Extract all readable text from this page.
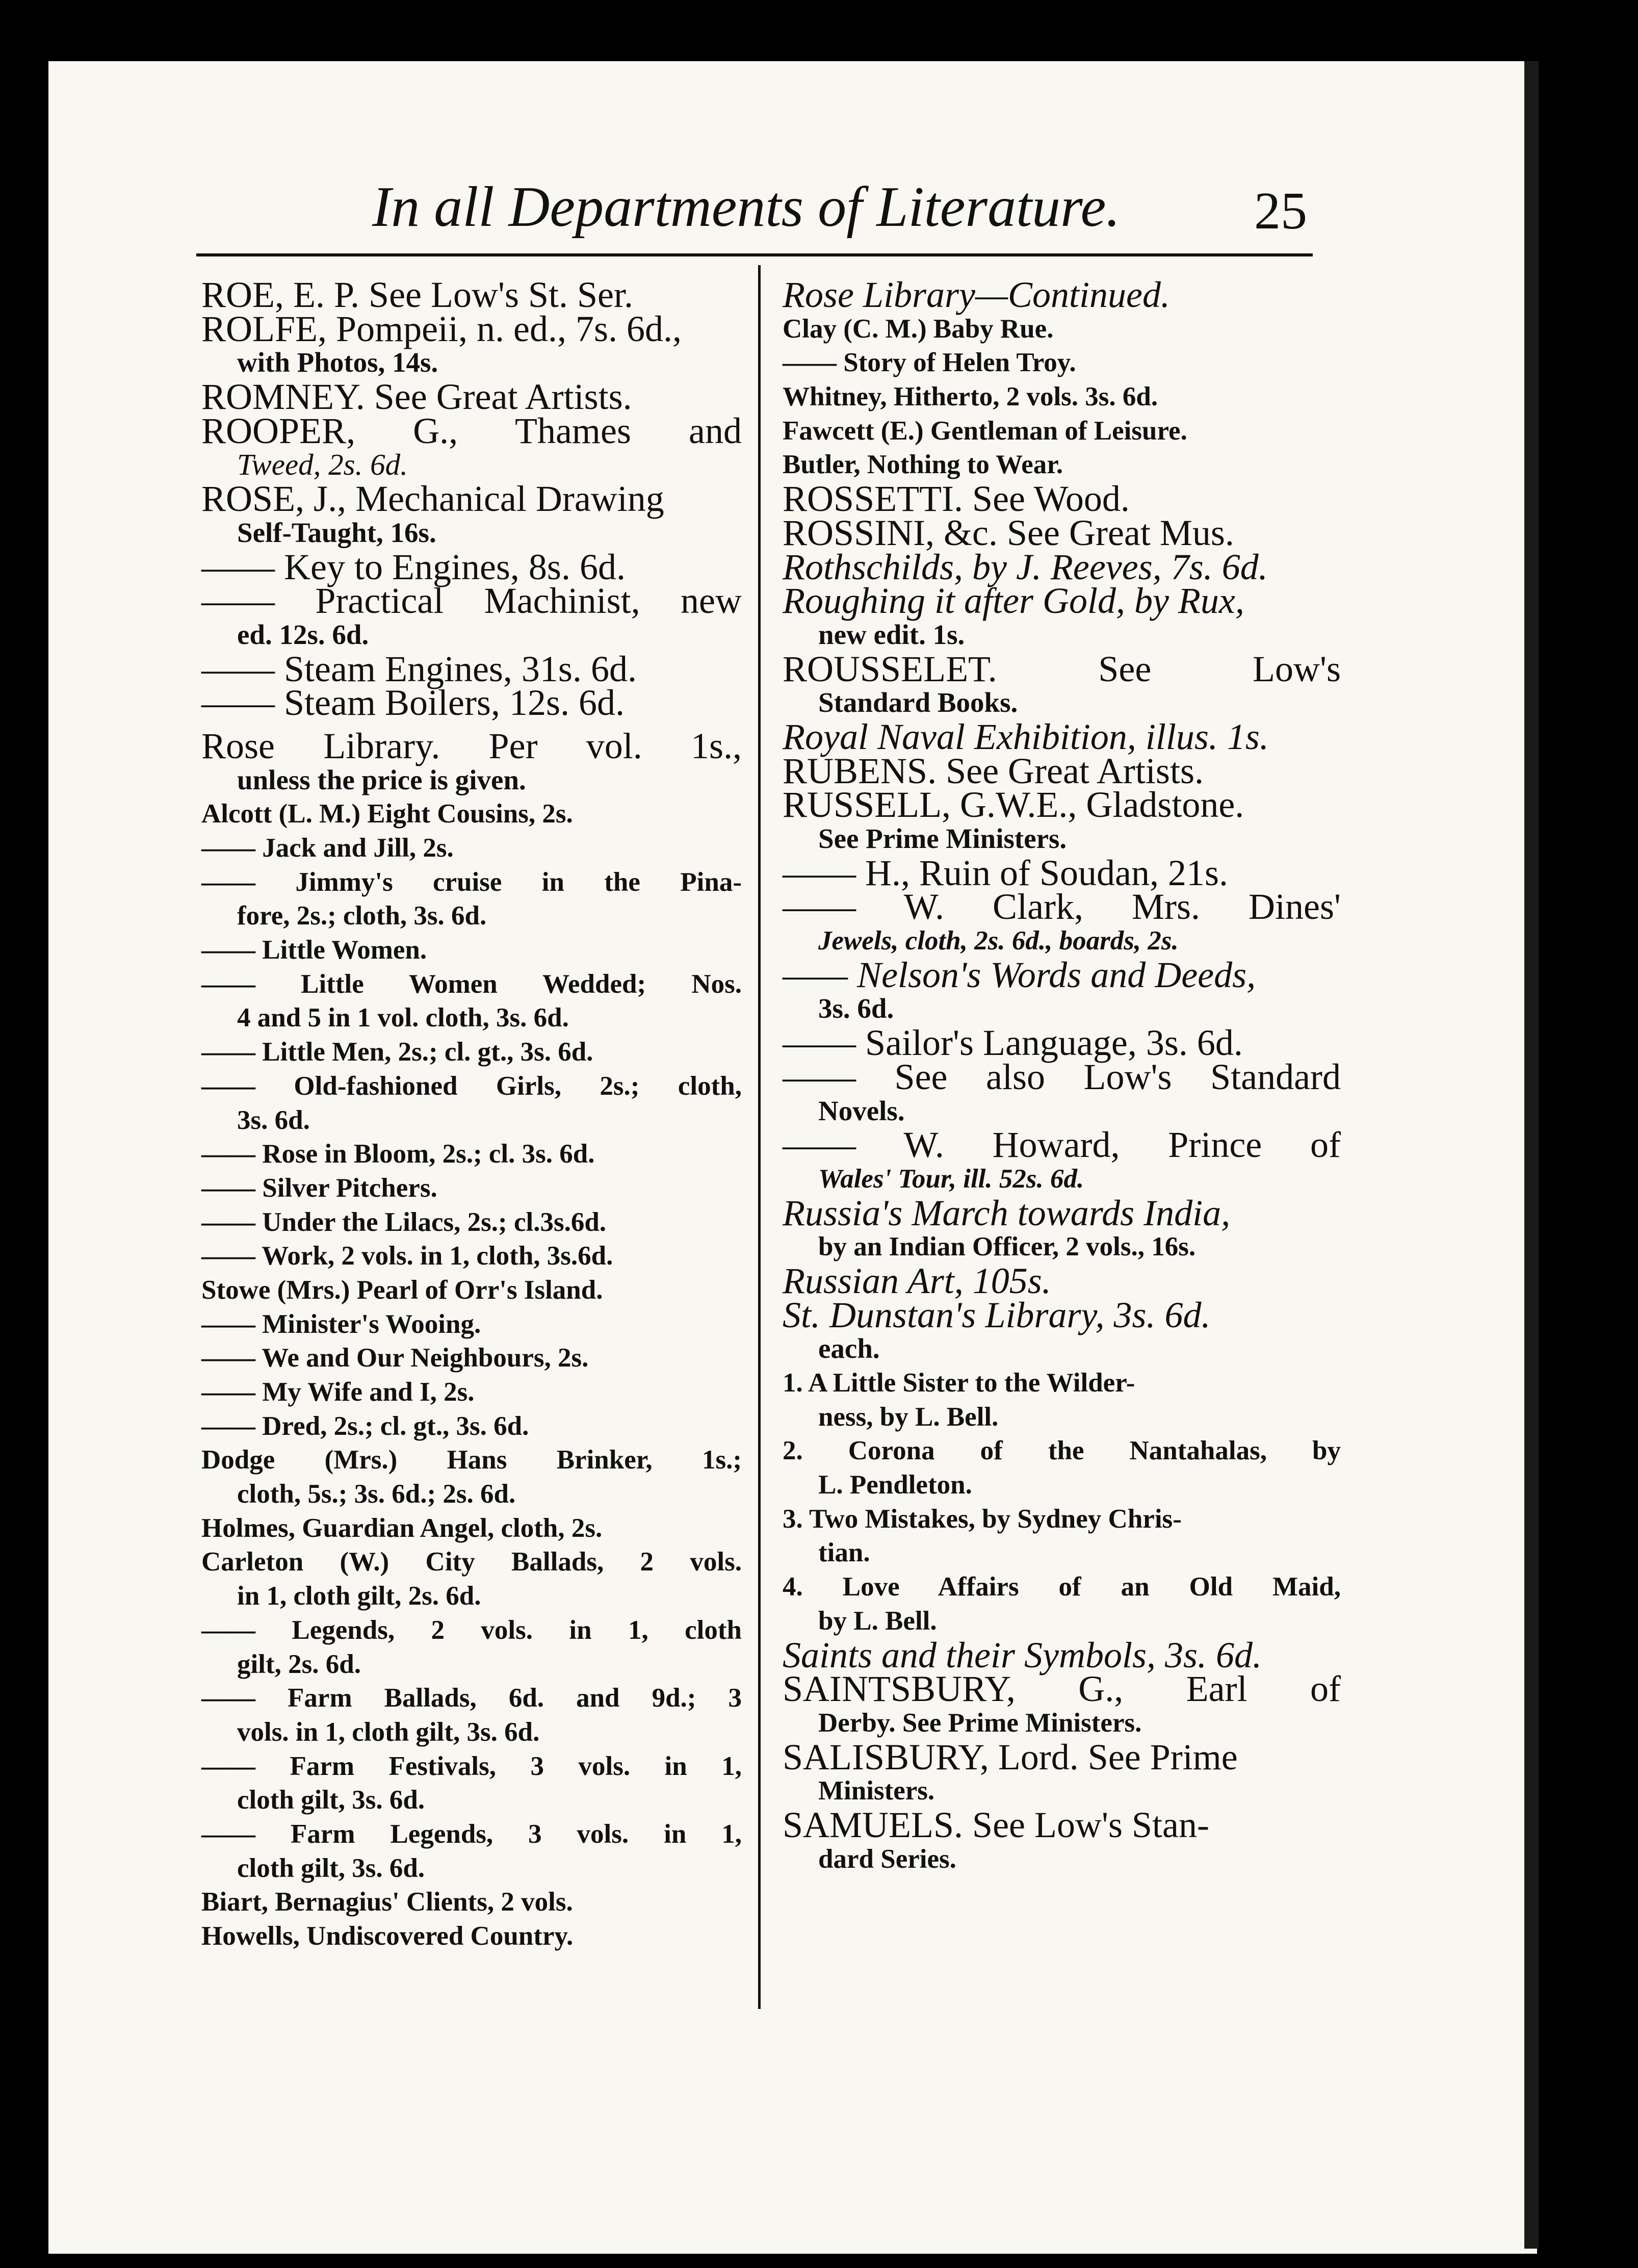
In all Departments of Literature.	25
ROE, E. P. See Low's St. Ser.
ROLFE, Pompeii, n. ed., 7s. 6d.,
with Photos, 14s.
ROMNEY. See Great Artists.
ROOPER, G., Thames and
Tweed, 2s. 6d.
ROSE, J., Mechanical Drawing
Self-Taught, 16s.
—— Key to Engines, 8s. 6d.
—— Practical Machinist, new
ed. 12s. 6d.
—— Steam Engines, 31s. 6d.
—— Steam Boilers, 12s. 6d.
Rose Library. Per vol. 1s.,
unless the price is given.
Alcott (L. M.) Eight Cousins, 2s.
—— Jack and Jill, 2s.
—— Jimmy's cruise in the Pina-
fore, 2s.; cloth, 3s. 6d.
—— Little Women.
—— Little Women Wedded; Nos.
4 and 5 in 1 vol. cloth, 3s. 6d.
—— Little Men, 2s.; cl. gt., 3s. 6d.
—— Old-fashioned Girls, 2s.; cloth,
3s. 6d.
—— Rose in Bloom, 2s.; cl. 3s. 6d.
—— Silver Pitchers.
—— Under the Lilacs, 2s.; cl.3s.6d.
—— Work, 2 vols. in 1, cloth, 3s.6d.
Stowe (Mrs.) Pearl of Orr's Island.
—— Minister's Wooing.
—— We and Our Neighbours, 2s.
—— My Wife and I, 2s.
—— Dred, 2s.; cl. gt., 3s. 6d.
Dodge (Mrs.) Hans Brinker, 1s.;
cloth, 5s.; 3s. 6d.; 2s. 6d.
Holmes, Guardian Angel, cloth, 2s.
Carleton (W.) City Ballads, 2 vols.
in 1, cloth gilt, 2s. 6d.
—— Legends, 2 vols. in 1, cloth
gilt, 2s. 6d.
—— Farm Ballads, 6d. and 9d.; 3
vols. in 1, cloth gilt, 3s. 6d.
—— Farm Festivals, 3 vols. in 1,
cloth gilt, 3s. 6d.
—— Farm Legends, 3 vols. in 1,
cloth gilt, 3s. 6d.
Biart, Bernagius' Clients, 2 vols.
Howells, Undiscovered Country.
Rose Library—Continued.
Clay (C. M.) Baby Rue.
—— Story of Helen Troy.
Whitney, Hitherto, 2 vols. 3s. 6d.
Fawcett (E.) Gentleman of Leisure.
Butler, Nothing to Wear.
ROSSETTI. See Wood.
ROSSINI, &c. See Great Mus.
Rothschilds, by J. Reeves, 7s. 6d.
Roughing it after Gold, by Rux,
new edit. 1s.
ROUSSELET. See Low's
Standard Books.
Royal Naval Exhibition, illus. 1s.
RUBENS. See Great Artists.
RUSSELL, G.W.E., Gladstone.
See Prime Ministers.
—— H., Ruin of Soudan, 21s.
—— W. Clark, Mrs. Dines'
Jewels, cloth, 2s. 6d., boards, 2s.
—— Nelson's Words and Deeds,
3s. 6d.
—— Sailor's Language, 3s. 6d.
—— See also Low's Standard
Novels.
—— W. Howard, Prince of
Wales' Tour, ill. 52s. 6d.
Russia's March towards India,
by an Indian Officer, 2 vols., 16s.
Russian Art, 105s.
St. Dunstan's Library, 3s. 6d.
each.
1. A Little Sister to the Wilder-
ness, by L. Bell.
2. Corona of the Nantahalas, by
L. Pendleton.
3. Two Mistakes, by Sydney Chris-
tian.
4. Love Affairs of an Old Maid,
by L. Bell.
Saints and their Symbols, 3s. 6d.
SAINTSBURY, G., Earl of
Derby. See Prime Ministers.
SALISBURY, Lord. See Prime
Ministers.
SAMUELS. See Low's Stan-
dard Series.
